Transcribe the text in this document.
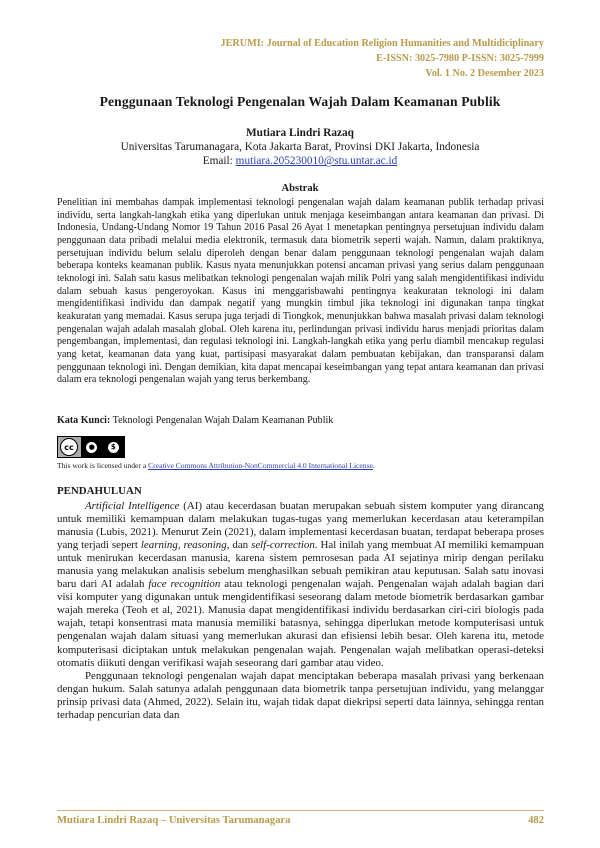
JERUMI: Journal of Education Religion Humanities and Multidiciplinary
E-ISSN: 3025-7980 P-ISSN: 3025-7999
Vol. 1 No. 2 Desember 2023
Penggunaan Teknologi Pengenalan Wajah Dalam Keamanan Publik
Mutiara Lindri Razaq
Universitas Tarumanagara, Kota Jakarta Barat, Provinsi DKI Jakarta, Indonesia
Email: mutiara.205230010@stu.untar.ac.id
Abstrak

Penelitian ini membahas dampak implementasi teknologi pengenalan wajah dalam keamanan publik terhadap privasi individu, serta langkah-langkah etika yang diperlukan untuk menjaga keseimbangan antara keamanan dan privasi. Di Indonesia, Undang-Undang Nomor 19 Tahun 2016 Pasal 26 Ayat 1 menetapkan pentingnya persetujuan individu dalam penggunaan data pribadi melalui media elektronik, termasuk data biometrik seperti wajah. Namun, dalam praktiknya, persetujuan individu belum selalu diperoleh dengan benar dalam penggunaan teknologi pengenalan wajah dalam beberapa konteks keamanan publik. Kasus nyata menunjukkan potensi ancaman privasi yang serius dalam penggunaan teknologi ini. Salah satu kasus melibatkan teknologi pengenalan wajah milik Polri yang salah mengidentifikasi individu dalam sebuah kasus pengeroyokan. Kasus ini menggarisbawahi pentingnya keakuratan teknologi ini dalam mengidentifikasi individu dan dampak negatif yang mungkin timbul jika teknologi ini digunakan tanpa tingkat keakuratan yang memadai. Kasus serupa juga terjadi di Tiongkok, menunjukkan bahwa masalah privasi dalam teknologi pengenalan wajah adalah masalah global. Oleh karena itu, perlindungan privasi individu harus menjadi prioritas dalam pengembangan, implementasi, dan regulasi teknologi ini. Langkah-langkah etika yang perlu diambil mencakup regulasi yang ketat, keamanan data yang kuat, partisipasi masyarakat dalam pembuatan kebijakan, dan transparansi dalam penggunaan teknologi ini. Dengan demikian, kita dapat mencapai keseimbangan yang tepat antara keamanan dan privasi dalam era teknologi pengenalan wajah yang terus berkembang.

Kata Kunci: Teknologi Pengenalan Wajah Dalam Keamanan Publik

cc	●	$
This work is licensed under a Creative Commons Attribution-NonCommercial 4.0 International License.
PENDAHULUAN

Artificial Intelligence (AI) atau kecerdasan buatan merupakan sebuah sistem komputer yang dirancang untuk memiliki kemampuan dalam melakukan tugas-tugas yang memerlukan kecerdasan atau keterampilan manusia (Lubis, 2021). Menurut Zein (2021), dalam implementasi kecerdasan buatan, terdapat beberapa proses yang terjadi sepert learning, reasoning, dan self-correction. Hal inilah yang membuat AI memiliki kemampuan untuk menirukan kecerdasan manusia, karena sistem pemrosesan pada AI sejatinya mirip dengan perilaku manusia yang melakukan analisis sebelum menghasilkan sebuah pemikiran atau keputusan. Salah satu inovasi baru dari AI adalah face recognition atau teknologi pengenalan wajah. Pengenalan wajah adalah bagian dari visi komputer yang digunakan untuk mengidentifikasi seseorang dalam metode biometrik berdasarkan gambar wajah mereka (Teoh et al, 2021). Manusia dapat mengidentifikasi individu berdasarkan ciri-ciri biologis pada wajah, tetapi konsentrasi mata manusia memiliki batasnya, sehingga diperlukan metode komputerisasi untuk pengenalan wajah dalam situasi yang memerlukan akurasi dan efisiensi lebih besar. Oleh karena itu, metode komputerisasi diciptakan untuk melakukan pengenalan wajah. Pengenalan wajah melibatkan operasi-deteksi otomatis diikuti dengan verifikasi wajah seseorang dari gambar atau video.

Penggunaan teknologi pengenalan wajah dapat menciptakan beberapa masalah privasi yang berkenaan dengan hukum. Salah satunya adalah penggunaan data biometrik tanpa persetujuan individu, yang melanggar prinsip privasi data (Ahmed, 2022). Selain itu, wajah tidak dapat diekripsi seperti data lainnya, sehingga rentan terhadap pencurian data dan

Mutiara Lindri Razaq – Universitas Tarumanagara	482
